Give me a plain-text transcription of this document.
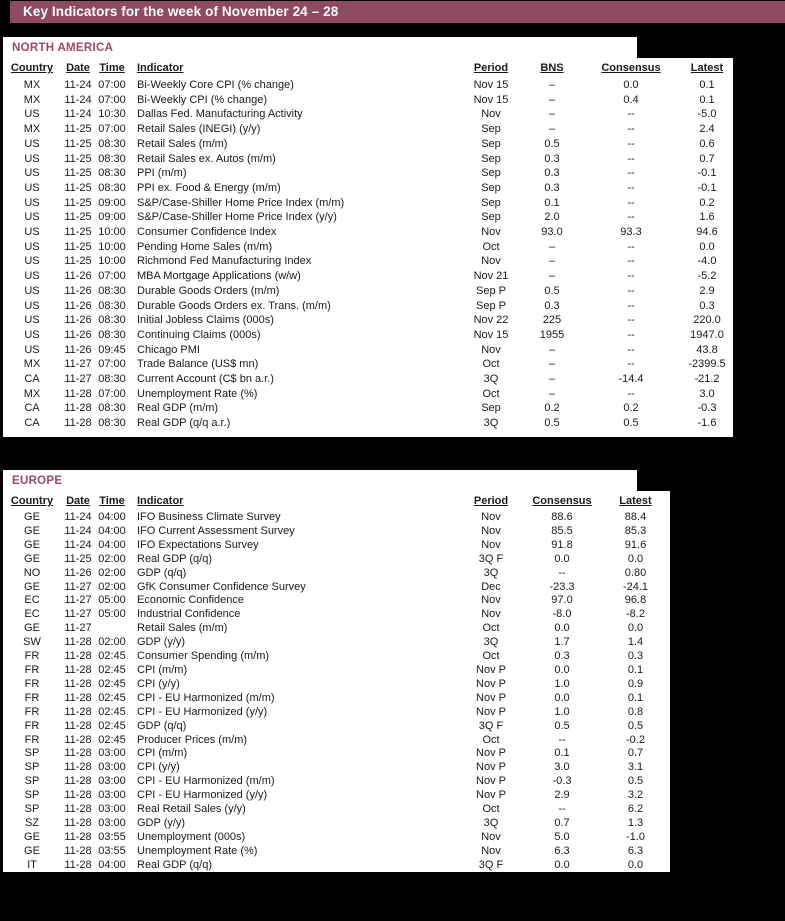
Key Indicators for the week of November 24 – 28
NORTH AMERICA
Country	Date	Time	Indicator	Period	BNS	Consensus	Latest
MX	11-24	07:00	Bi-Weekly Core CPI (% change)	Nov 15	–	0.0	0.1
MX	11-24	07:00	Bi-Weekly CPI (% change)	Nov 15	–	0.4	0.1
US	11-24	10:30	Dallas Fed. Manufacturing Activity	Nov	–	--	-5.0
MX	11-25	07:00	Retail Sales (INEGI) (y/y)	Sep	–	--	2.4
US	11-25	08:30	Retail Sales (m/m)	Sep	0.5	--	0.6
US	11-25	08:30	Retail Sales ex. Autos (m/m)	Sep	0.3	--	0.7
US	11-25	08:30	PPI (m/m)	Sep	0.3	--	-0.1
US	11-25	08:30	PPI ex. Food & Energy (m/m)	Sep	0.3	--	-0.1
US	11-25	09:00	S&P/Case-Shiller Home Price Index (m/m)	Sep	0.1	--	0.2
US	11-25	09:00	S&P/Case-Shiller Home Price Index (y/y)	Sep	2.0	--	1.6
US	11-25	10:00	Consumer Confidence Index	Nov	93.0	93.3	94.6
US	11-25	10:00	Pending Home Sales (m/m)	Oct	–	--	0.0
US	11-25	10:00	Richmond Fed Manufacturing Index	Nov	–	--	-4.0
US	11-26	07:00	MBA Mortgage Applications (w/w)	Nov 21	–	--	-5.2
US	11-26	08:30	Durable Goods Orders (m/m)	Sep P	0.5	--	2.9
US	11-26	08:30	Durable Goods Orders ex. Trans. (m/m)	Sep P	0.3	--	0.3
US	11-26	08:30	Initial Jobless Claims (000s)	Nov 22	225	--	220.0
US	11-26	08:30	Continuing Claims (000s)	Nov 15	1955	--	1947.0
US	11-26	09:45	Chicago PMI	Nov	–	--	43.8
MX	11-27	07:00	Trade Balance (US$ mn)	Oct	–	--	-2399.5
CA	11-27	08:30	Current Account (C$ bn a.r.)	3Q	–	-14.4	-21.2
MX	11-28	07:00	Unemployment Rate (%)	Oct	–	--	3.0
CA	11-28	08:30	Real GDP (m/m)	Sep	0.2	0.2	-0.3
CA	11-28	08:30	Real GDP (q/q a.r.)	3Q	0.5	0.5	-1.6
EUROPE
Country	Date	Time	Indicator	Period	Consensus	Latest
GE	11-24	04:00	IFO Business Climate Survey	Nov	88.6	88.4
GE	11-24	04:00	IFO Current Assessment Survey	Nov	85.5	85.3
GE	11-24	04:00	IFO Expectations Survey	Nov	91.8	91.6
GE	11-25	02:00	Real GDP (q/q)	3Q F	0.0	0.0
NO	11-26	02:00	GDP (q/q)	3Q	--	0.80
GE	11-27	02:00	GfK Consumer Confidence Survey	Dec	-23.3	-24.1
EC	11-27	05:00	Economic Confidence	Nov	97.0	96.8
EC	11-27	05:00	Industrial Confidence	Nov	-8.0	-8.2
GE	11-27		Retail Sales (m/m)	Oct	0.0	0.0
SW	11-28	02:00	GDP (y/y)	3Q	1.7	1.4
FR	11-28	02:45	Consumer Spending (m/m)	Oct	0.3	0.3
FR	11-28	02:45	CPI (m/m)	Nov P	0.0	0.1
FR	11-28	02:45	CPI (y/y)	Nov P	1.0	0.9
FR	11-28	02:45	CPI - EU Harmonized (m/m)	Nov P	0.0	0.1
FR	11-28	02:45	CPI - EU Harmonized (y/y)	Nov P	1.0	0.8
FR	11-28	02:45	GDP (q/q)	3Q F	0.5	0.5
FR	11-28	02:45	Producer Prices (m/m)	Oct	--	-0.2
SP	11-28	03:00	CPI (m/m)	Nov P	0.1	0.7
SP	11-28	03:00	CPI (y/y)	Nov P	3.0	3.1
SP	11-28	03:00	CPI - EU Harmonized (m/m)	Nov P	-0.3	0.5
SP	11-28	03:00	CPI - EU Harmonized (y/y)	Nov P	2.9	3.2
SP	11-28	03:00	Real Retail Sales (y/y)	Oct	--	6.2
SZ	11-28	03:00	GDP (y/y)	3Q	0.7	1.3
GE	11-28	03:55	Unemployment (000s)	Nov	5.0	-1.0
GE	11-28	03:55	Unemployment Rate (%)	Nov	6.3	6.3
IT	11-28	04:00	Real GDP (q/q)	3Q F	0.0	0.0
